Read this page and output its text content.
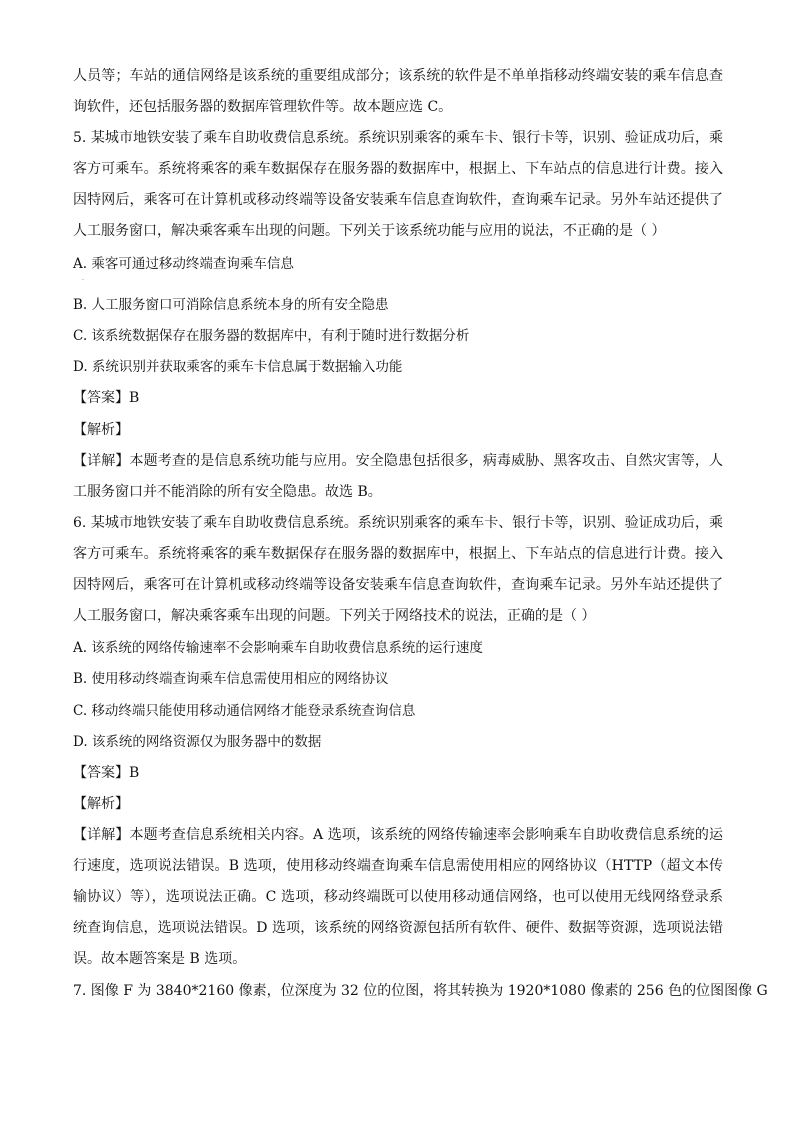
人员等；车站的通信网络是该系统的重要组成部分；该系统的软件是不单单指移动终端安装的乘车信息查
询软件，还包括服务器的数据库管理软件等。故本题应选 C。
5. 某城市地铁安装了乘车自助收费信息系统。系统识别乘客的乘车卡、银行卡等，识别、验证成功后，乘
客方可乘车。系统将乘客的乘车数据保存在服务器的数据库中，根据上、下车站点的信息进行计费。接入
因特网后，乘客可在计算机或移动终端等设备安装乘车信息查询软件，查询乘车记录。另外车站还提供了
人工服务窗口，解决乘客乘车出现的问题。下列关于该系统功能与应用的说法，不正确的是（ ）
A. 乘客可通过移动终端查询乘车信息
B. 人工服务窗口可消除信息系统本身的所有安全隐患
C. 该系统数据保存在服务器的数据库中，有利于随时进行数据分析
D. 系统识别并获取乘客的乘车卡信息属于数据输入功能
【答案】B
【解析】
【详解】本题考查的是信息系统功能与应用。安全隐患包括很多，病毒威胁、黑客攻击、自然灾害等，人
工服务窗口并不能消除的所有安全隐患。故选 B。
6. 某城市地铁安装了乘车自助收费信息系统。系统识别乘客的乘车卡、银行卡等，识别、验证成功后，乘
客方可乘车。系统将乘客的乘车数据保存在服务器的数据库中，根据上、下车站点的信息进行计费。接入
因特网后，乘客可在计算机或移动终端等设备安装乘车信息查询软件，查询乘车记录。另外车站还提供了
人工服务窗口，解决乘客乘车出现的问题。下列关于网络技术的说法，正确的是（ ）
A. 该系统的网络传输速率不会影响乘车自助收费信息系统的运行速度
B. 使用移动终端查询乘车信息需使用相应的网络协议
C. 移动终端只能使用移动通信网络才能登录系统查询信息
D. 该系统的网络资源仅为服务器中的数据
【答案】B
【解析】
【详解】本题考查信息系统相关内容。A 选项，该系统的网络传输速率会影响乘车自助收费信息系统的运
行速度，选项说法错误。B 选项，使用移动终端查询乘车信息需使用相应的网络协议（HTTP（超文本传
输协议）等），选项说法正确。C 选项，移动终端既可以使用移动通信网络，也可以使用无线网络登录系
统查询信息，选项说法错误。D 选项，该系统的网络资源包括所有软件、硬件、数据等资源，选项说法错
误。故本题答案是 B 选项。
7. 图像 F 为 3840*2160 像素，位深度为 32 位的位图，将其转换为 1920*1080 像素的 256 色的位图图像 G
·
